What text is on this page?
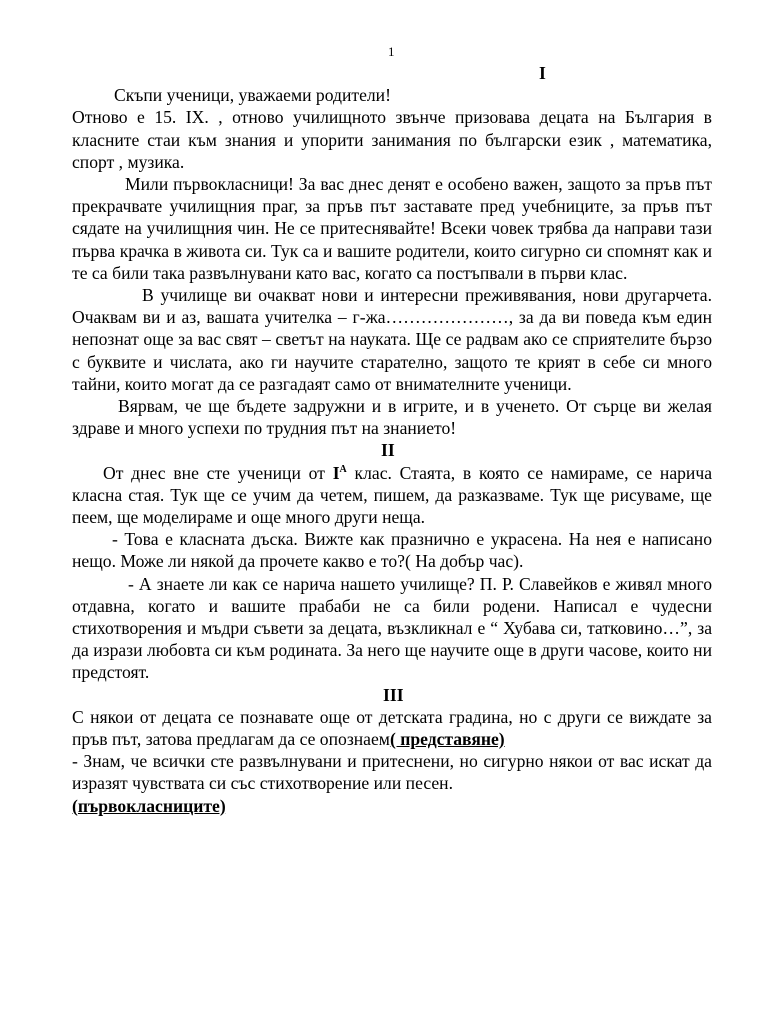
1
I

Скъпи ученици, уважаеми родители!

Отново е 15. ІХ. , отново училищното звънче призовава децата на България в класните стаи към знания и упорити занимания по български език , математика, спорт , музика.

Мили първокласници! За вас днес денят е особено важен, защото за пръв път прекрачвате училищния праг, за пръв път заставате пред учебниците, за пръв път сядате на училищния чин. Не се притеснявайте! Всеки човек трябва да направи тази първа крачка в живота си. Тук са и вашите родители, които сигурно си спомнят как и те са били така развълнувани като вас, когато са постъпвали в първи клас.

В училище ви очакват нови и интересни преживявания, нови другарчета. Очаквам ви и аз, вашата учителка – г-жа…………………, за да ви поведа към един непознат още за вас свят – светът на науката. Ще се радвам ако се сприятелите бързо с буквите и числата, ако ги научите старателно, защото те крият в себе си много тайни, които могат да се разгадаят само от внимателните ученици.

Вярвам, че ще бъдете задружни и в игрите, и в ученето. От сърце ви желая здраве и много успехи по трудния път на знанието!

II

От днес вне сте ученици от $І^А$ клас. Стаята, в която се намираме, се нарича класна стая. Тук ще се учим да четем, пишем, да разказваме. Тук ще рисуваме, ще пеем, ще моделираме и още много други неща.

- Това е класната дъска. Вижте как празнично е украсена. На нея е написано нещо. Може ли някой да прочете какво е то?( На добър час).

- А знаете ли как се нарича нашето училище? П. Р. Славейков е живял много отдавна, когато и вашите прабаби не са били родени. Написал е чудесни стихотворения и мъдри съвети за децата, възкликнал е “ Хубава си, татковино…”, за да изрази любовта си към родината. За него ще научите още в други часове, които ни предстоят.

III

С някои от децата се познавате още от детската градина, но с други се виждате за пръв път, затова предлагам да се опознаем( представяне)

- Знам, че всички сте развълнувани и притеснени, но сигурно някои от вас искат да изразят чувствата си със стихотворение или песен.

(първокласниците)
